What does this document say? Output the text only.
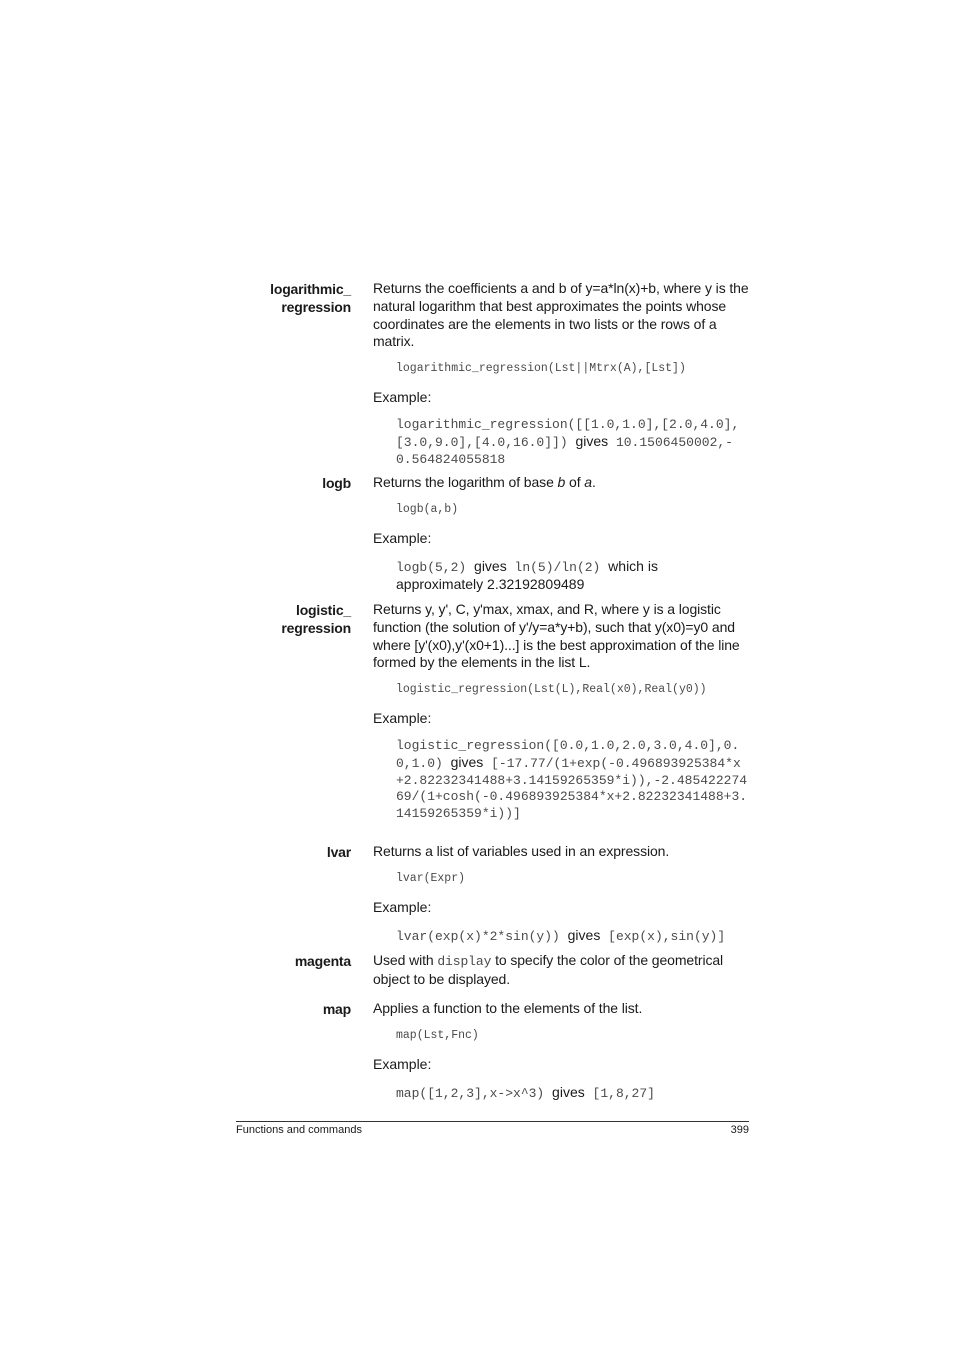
logarithmic_
regression

Returns the coefficients a and b of y=a*ln(x)+b, where y is the natural logarithm that best approximates the points whose coordinates are the elements in two lists or the rows of a matrix.

logarithmic_regression(Lst||Mtrx(A),[Lst])

Example:

logarithmic_regression([[1.0,1.0],[2.0,4.0],[3.0,9.0],[4.0,16.0]]) gives 10.1506450002,-0.564824055818
logb Returns the logarithm of base b of a.

logb(a,b)

Example:

logb(5,2) gives ln(5)/ln(2) which is approximately 2.32192809489
logistic_
regression

Returns y, y', C, y'max, xmax, and R, where y is a logistic function (the solution of y'/y=a*y+b), such that y(x0)=y0 and where [y'(x0),y'(x0+1)...] is the best approximation of the line formed by the elements in the list L.

logistic_regression(Lst(L),Real(x0),Real(y0))

Example:

logistic_regression([0.0,1.0,2.0,3.0,4.0],0.0,1.0) gives [-17.77/(1+exp(-0.496893925384*x+2.82232341488+3.14159265359*i)),-2.48542227469/(1+cosh(-0.496893925384*x+2.82232341488+3.14159265359*i))]
lvar Returns a list of variables used in an expression.

lvar(Expr)

Example:

lvar(exp(x)*2*sin(y)) gives [exp(x),sin(y)]
magenta Used with display to specify the color of the geometrical object to be displayed.

map Applies a function to the elements of the list.

map(Lst,Fnc)

Example:

map([1,2,3],x->x^3) gives [1,8,27]
Functions and commands	399
